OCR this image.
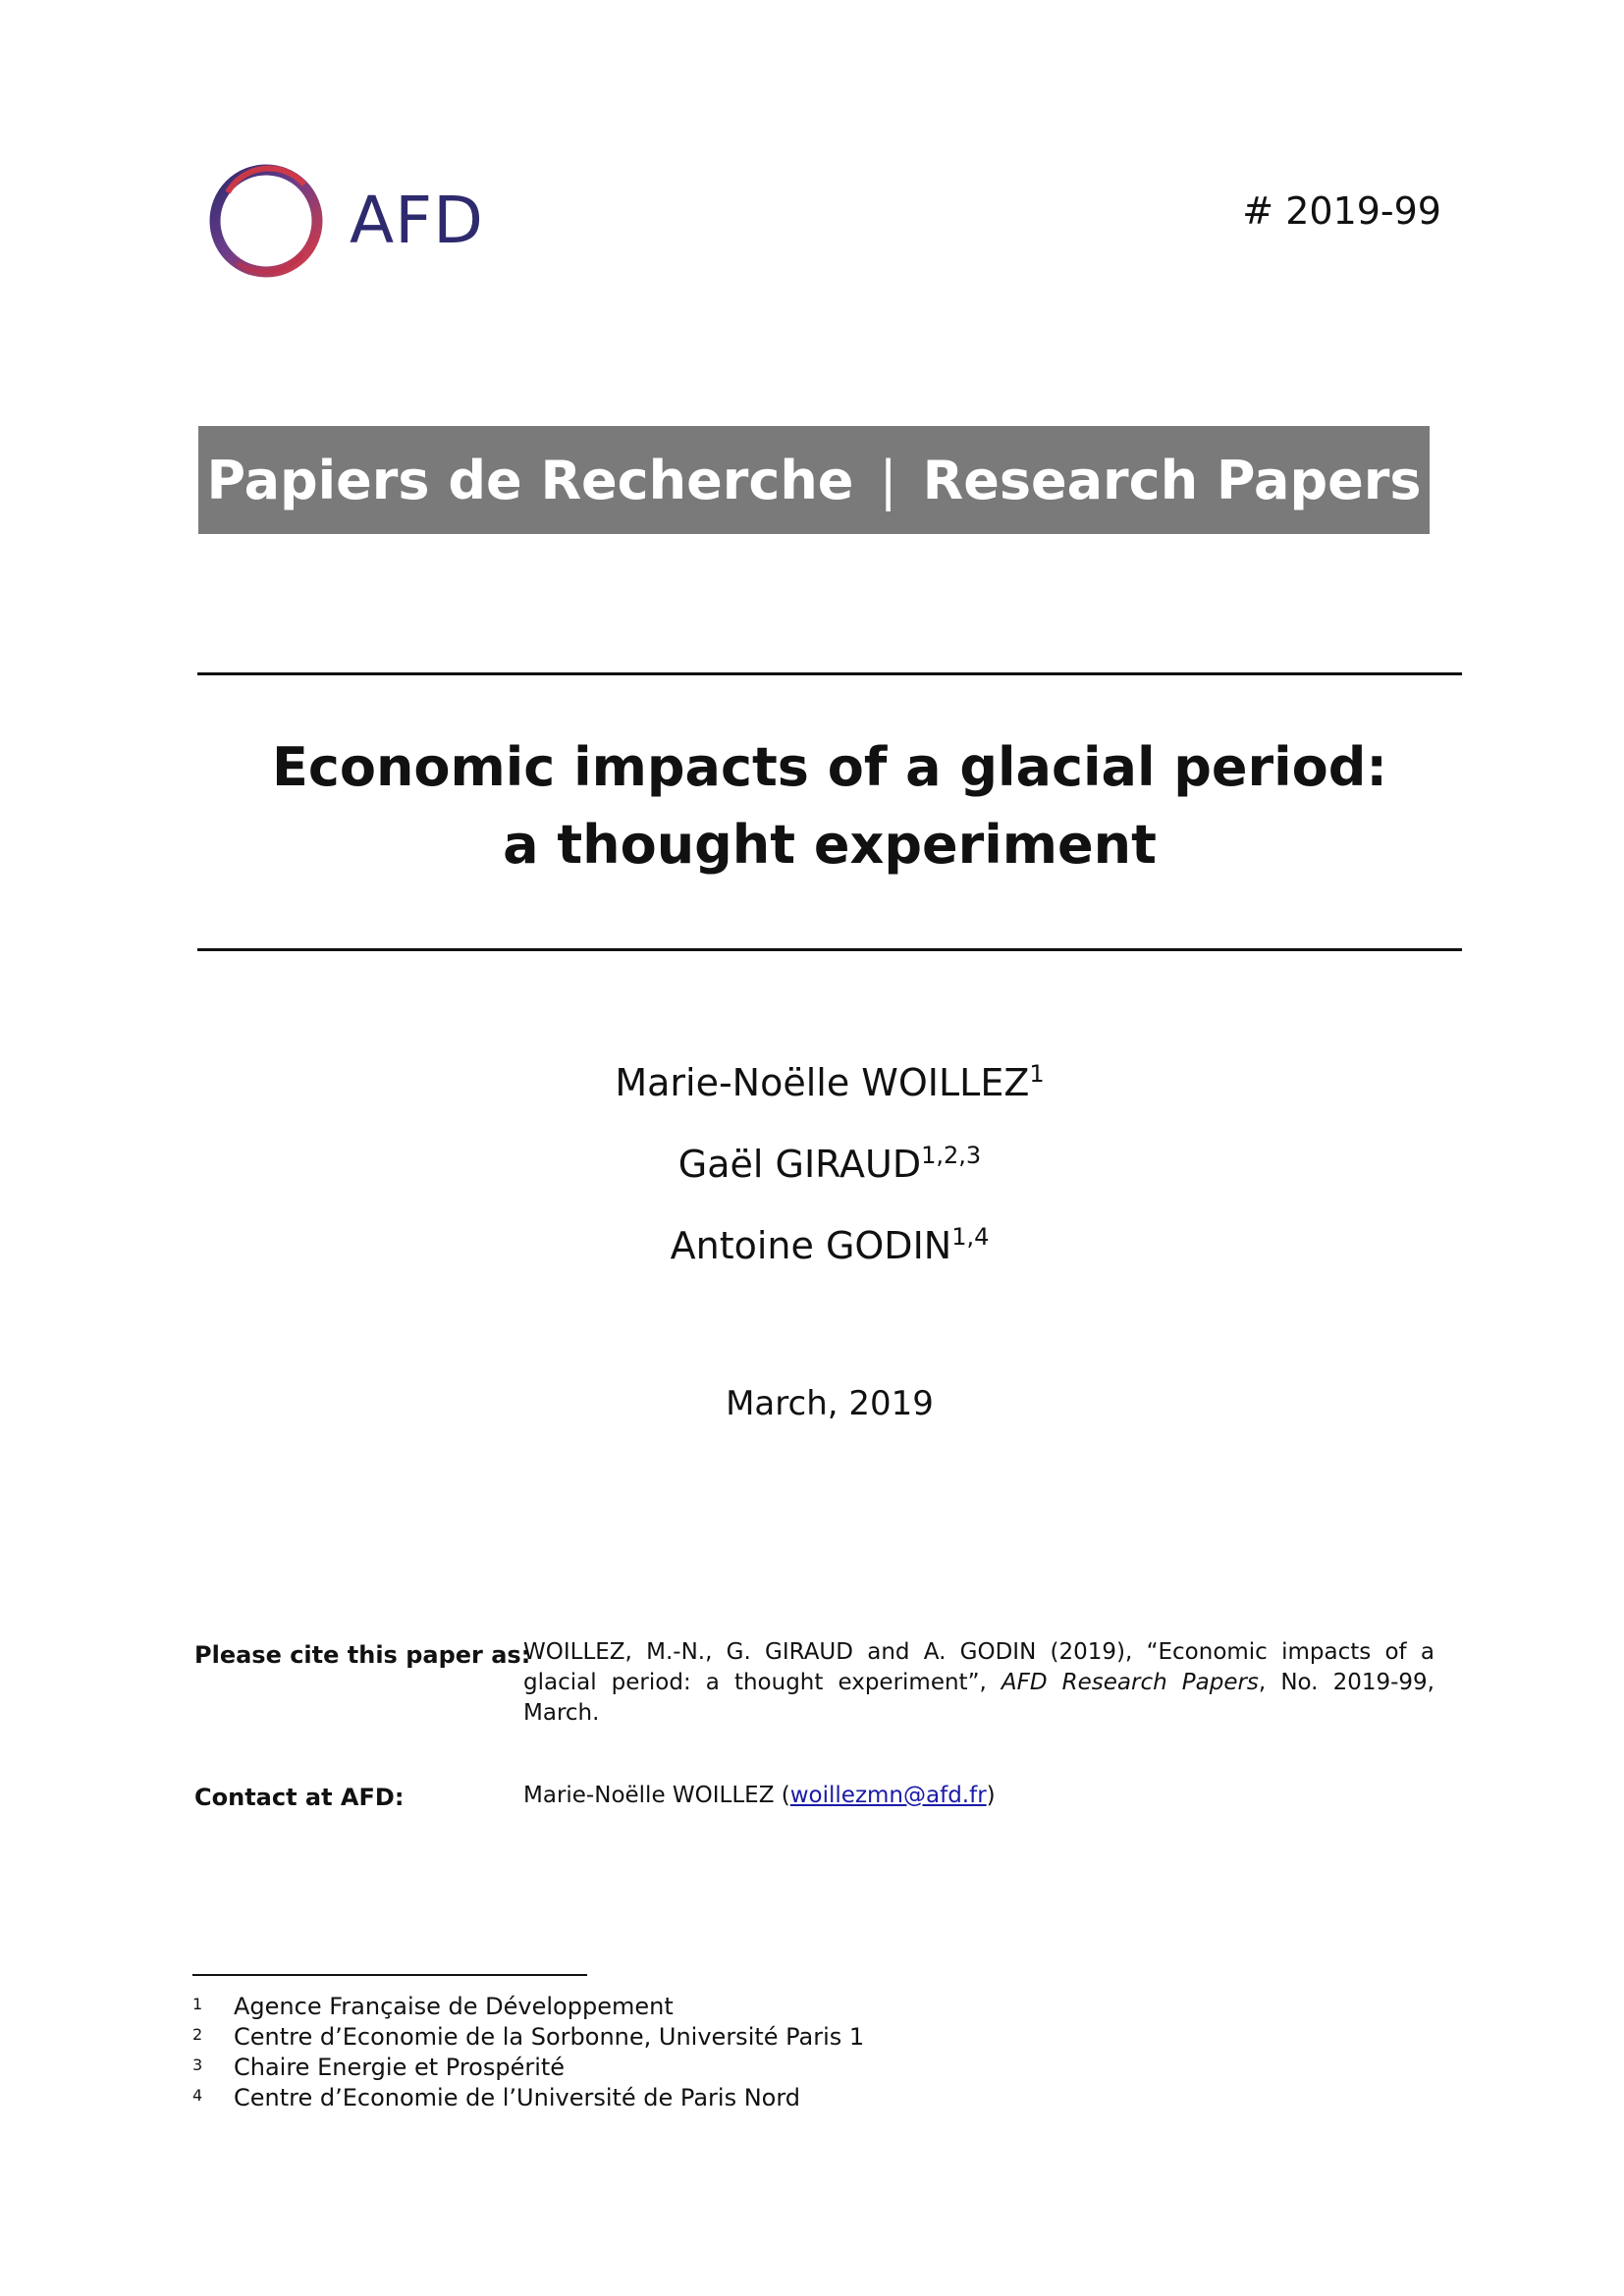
AFD	# 2019-99
Papiers de Recherche | Research Papers
Economic impacts of a glacial period:
a thought experiment
Marie-Noëlle WOILLEZ$^1$
Gaël GIRAUD$^{1,2,3}$
Antoine GODIN$^{1,4}$
March, 2019
Please cite this paper as:
WOILLEZ, M.-N., G. GIRAUD and A. GODIN (2019), “Economic impacts of a glacial period: a thought experiment”, AFD Research Papers, No. 2019-99, March.
Contact at AFD:	Marie-Noëlle WOILLEZ (woillezmn@afd.fr)
1	Agence Française de Développement
2	Centre d’Economie de la Sorbonne, Université Paris 1
3	Chaire Energie et Prospérité
4	Centre d’Economie de l’Université de Paris Nord
